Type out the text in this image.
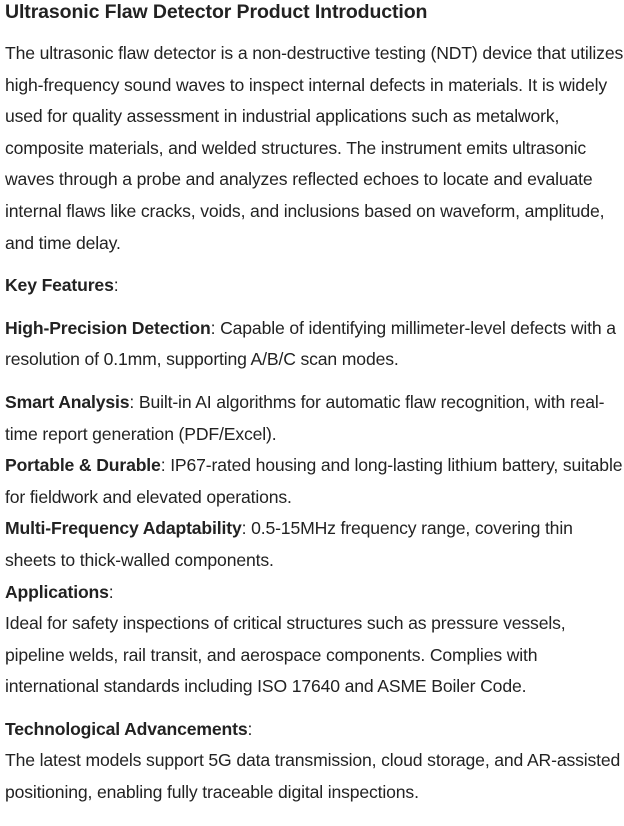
Ultrasonic Flaw Detector Product Introduction

The ultrasonic flaw detector is a non-destructive testing (NDT) device that utilizes high-frequency sound waves to inspect internal defects in materials. It is widely used for quality assessment in industrial applications such as metalwork, composite materials, and welded structures. The instrument emits ultrasonic waves through a probe and analyzes reflected echoes to locate and evaluate internal flaws like cracks, voids, and inclusions based on waveform, amplitude, and time delay.

Key Features:

High-Precision Detection: Capable of identifying millimeter-level defects with a resolution of 0.1mm, supporting A/B/C scan modes.

Smart Analysis: Built-in AI algorithms for automatic flaw recognition, with real-time report generation (PDF/Excel).

Portable & Durable: IP67-rated housing and long-lasting lithium battery, suitable for fieldwork and elevated operations.

Multi-Frequency Adaptability: 0.5-15MHz frequency range, covering thin sheets to thick-walled components.

Applications:

Ideal for safety inspections of critical structures such as pressure vessels, pipeline welds, rail transit, and aerospace components. Complies with international standards including ISO 17640 and ASME Boiler Code.

Technological Advancements:

The latest models support 5G data transmission, cloud storage, and AR-assisted positioning, enabling fully traceable digital inspections.
